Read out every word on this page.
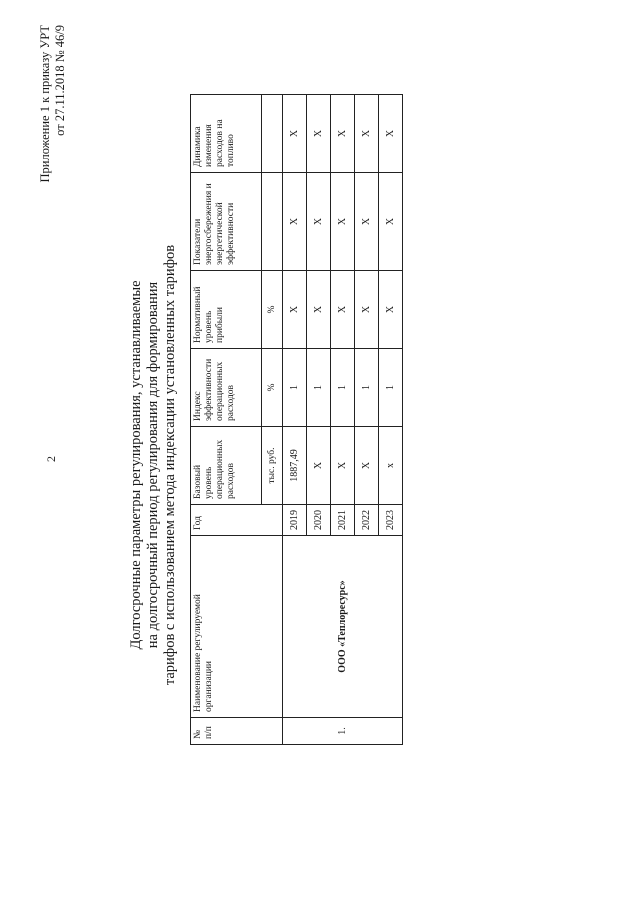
2
Приложение 1 к приказу УРТ от 27.11.2018 № 46/9
Долгосрочные параметры регулирования, устанавливаемые на долгосрочный период регулирования для формирования тарифов с использованием метода индексации установленных тарифов
№ п/п	Наименование регулируемой организации	Год	Базовый уровень операционных расходов	Индекс эффективности операционных расходов	Нормативный уровень прибыли	Показатели энергосбережения и энергетической эффективности	Динамика изменения расходов на топливо
			тыс. руб.	%	%		
1.	ООО «Теплоресурс»	2019	1887,49	1	X	X	X
		2020	X	1	X	X	X
		2021	X	1	X	X	X
		2022	X	1	X	X	X
		2023	x	1	X	X	X
